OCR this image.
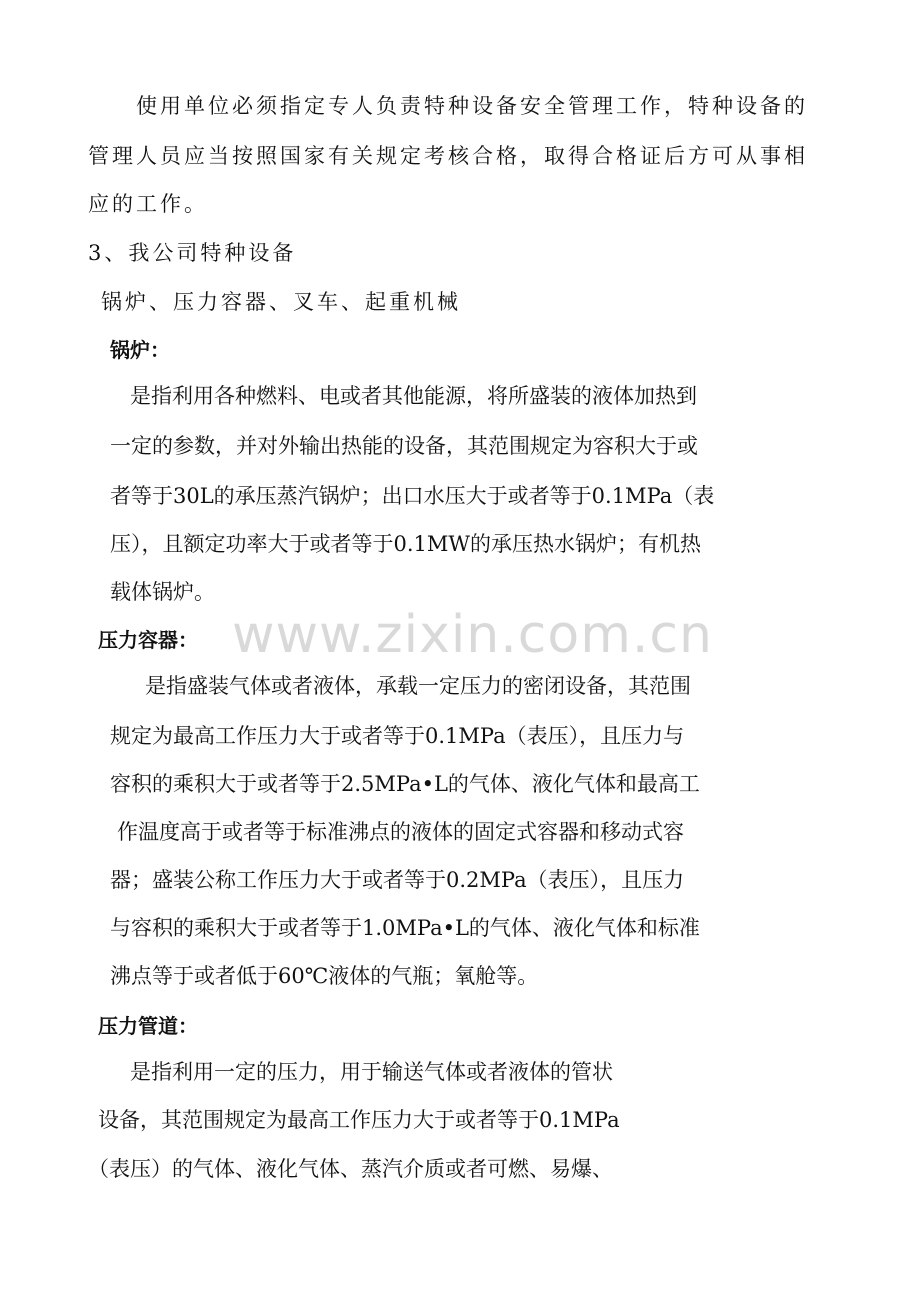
使用单位必须指定专人负责特种设备安全管理工作，特种设备的
管理人员应当按照国家有关规定考核合格，取得合格证后方可从事相
应的工作。
3、我公司特种设备
锅炉、压力容器、叉车、起重机械
锅炉：
是指利用各种燃料、电或者其他能源，将所盛装的液体加热到
一定的参数，并对外输出热能的设备，其范围规定为容积大于或
者等于30L的承压蒸汽锅炉；出口水压大于或者等于0.1MPa（表
压），且额定功率大于或者等于0.1MW的承压热水锅炉；有机热
载体锅炉。
www.zixin.com.cn
压力容器：
是指盛装气体或者液体，承载一定压力的密闭设备，其范围
规定为最高工作压力大于或者等于0.1MPa（表压），且压力与
容积的乘积大于或者等于2.5MPa•L的气体、液化气体和最高工
作温度高于或者等于标准沸点的液体的固定式容器和移动式容
器；盛装公称工作压力大于或者等于0.2MPa（表压），且压力
与容积的乘积大于或者等于1.0MPa•L的气体、液化气体和标准
沸点等于或者低于60℃液体的气瓶；氧舱等。
压力管道：
是指利用一定的压力，用于输送气体或者液体的管状
设备，其范围规定为最高工作压力大于或者等于0.1MPa
（表压）的气体、液化气体、蒸汽介质或者可燃、易爆、
